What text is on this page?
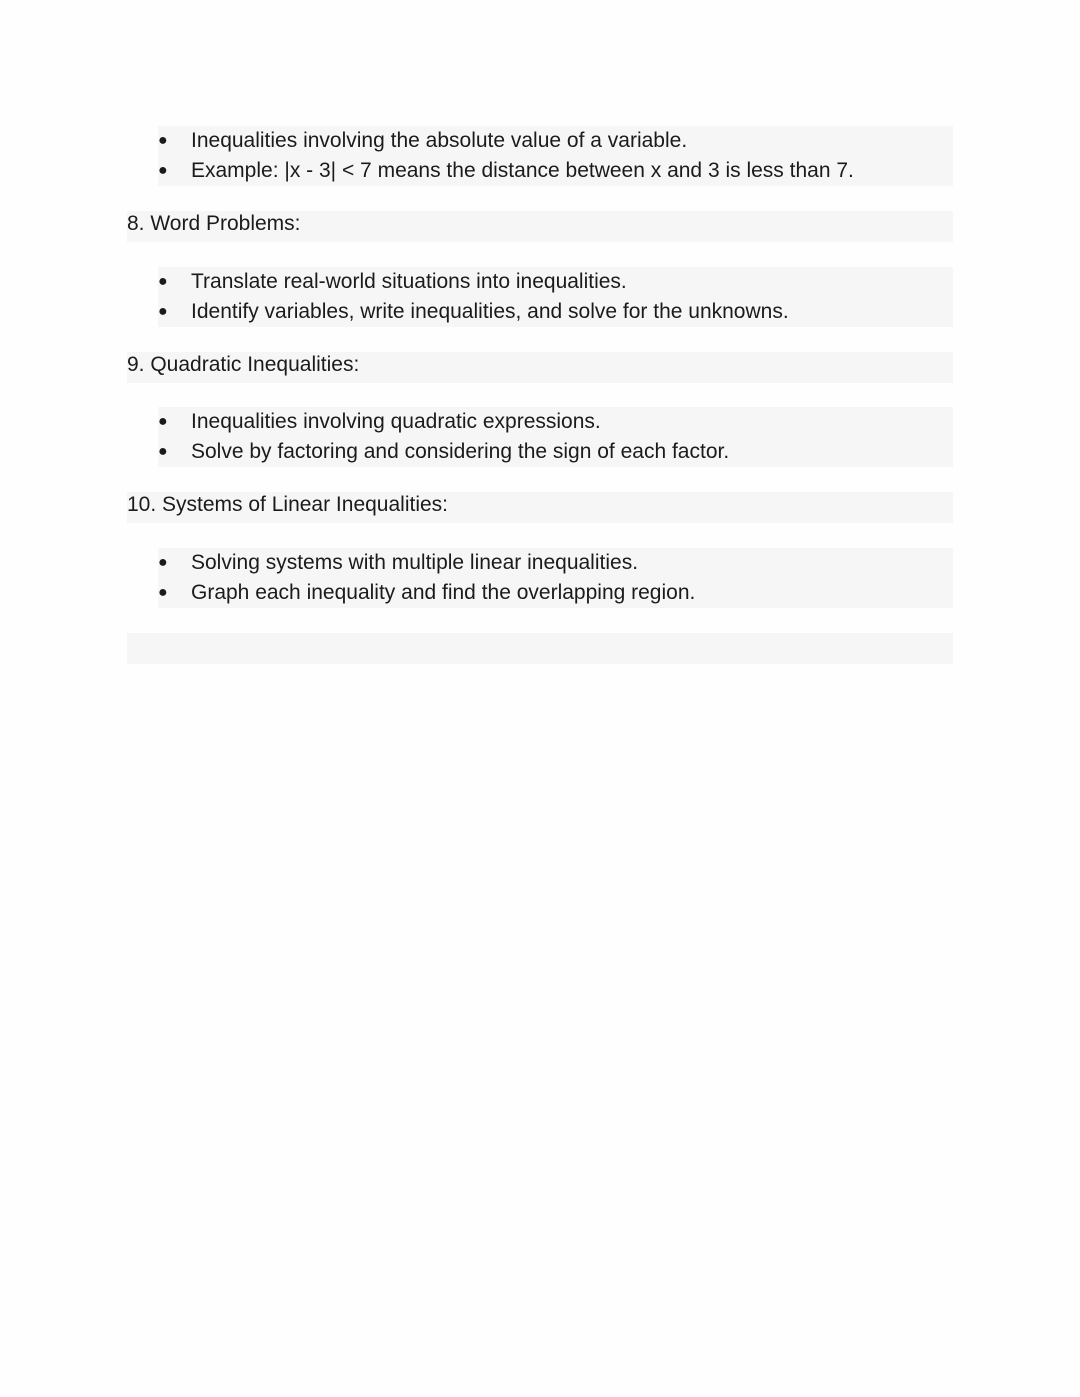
● Inequalities involving the absolute value of a variable.
● Example: |x - 3| < 7 means the distance between x and 3 is less than 7.
8. Word Problems:
● Translate real-world situations into inequalities.
● Identify variables, write inequalities, and solve for the unknowns.
9. Quadratic Inequalities:
● Inequalities involving quadratic expressions.
● Solve by factoring and considering the sign of each factor.
10. Systems of Linear Inequalities:
● Solving systems with multiple linear inequalities.
● Graph each inequality and find the overlapping region.
